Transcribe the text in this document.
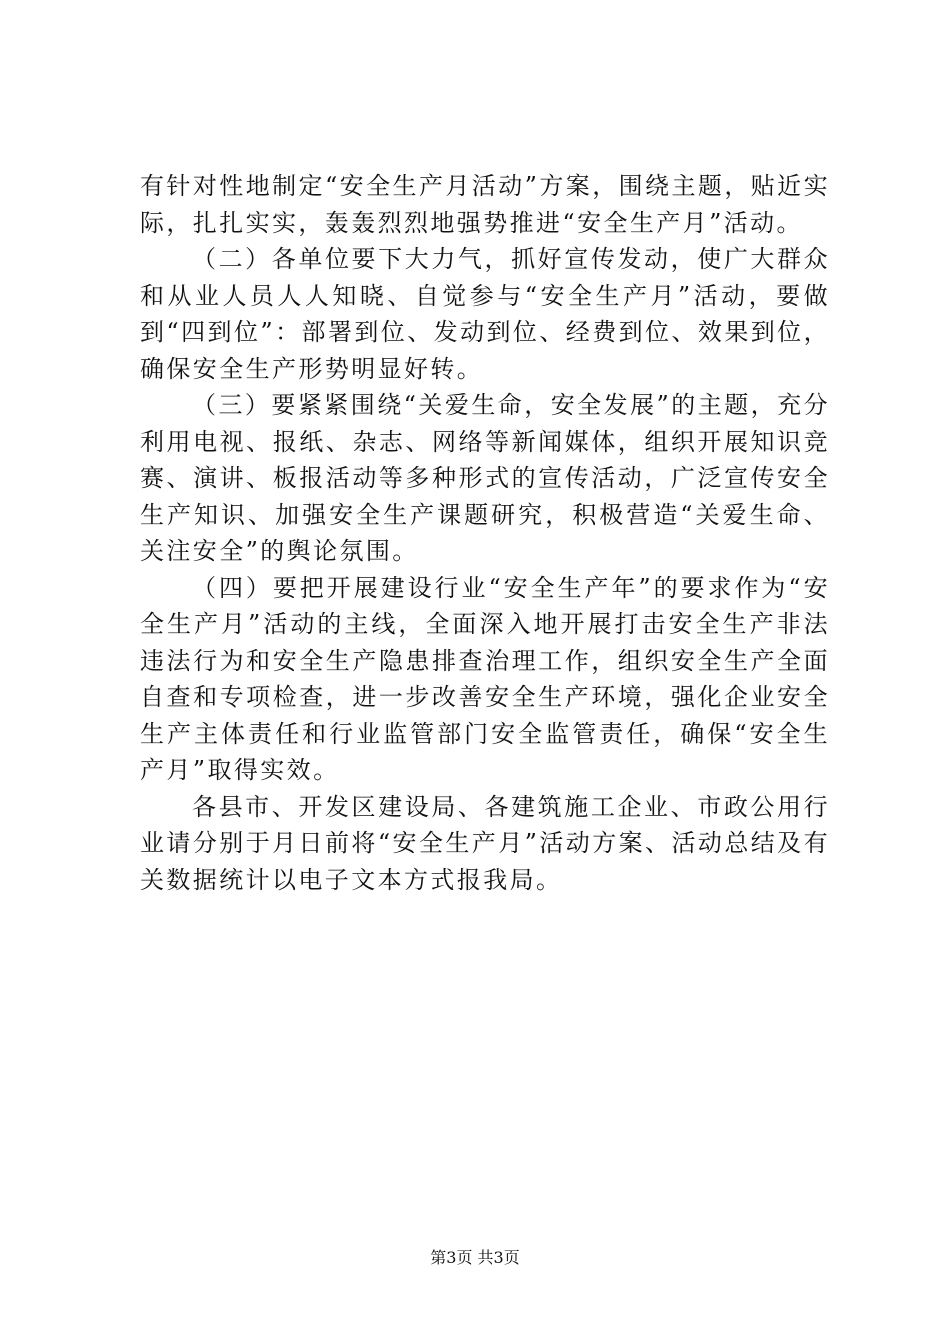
有针对性地制定“安全生产月活动”方案，围绕主题，贴近实际，扎扎实实，轰轰烈烈地强势推进“安全生产月”活动。

（二）各单位要下大力气，抓好宣传发动，使广大群众和从业人员人人知晓、自觉参与“安全生产月”活动，要做到“四到位”：部署到位、发动到位、经费到位、效果到位，确保安全生产形势明显好转。

（三）要紧紧围绕“关爱生命，安全发展”的主题，充分利用电视、报纸、杂志、网络等新闻媒体，组织开展知识竞赛、演讲、板报活动等多种形式的宣传活动，广泛宣传安全生产知识、加强安全生产课题研究，积极营造“关爱生命、关注安全”的舆论氛围。

（四）要把开展建设行业“安全生产年”的要求作为“安全生产月”活动的主线，全面深入地开展打击安全生产非法违法行为和安全生产隐患排查治理工作，组织安全生产全面自查和专项检查，进一步改善安全生产环境，强化企业安全生产主体责任和行业监管部门安全监管责任，确保“安全生产月”取得实效。

各县市、开发区建设局、各建筑施工企业、市政公用行业请分别于月日前将“安全生产月”活动方案、活动总结及有关数据统计以电子文本方式报我局。

第3页 共3页
